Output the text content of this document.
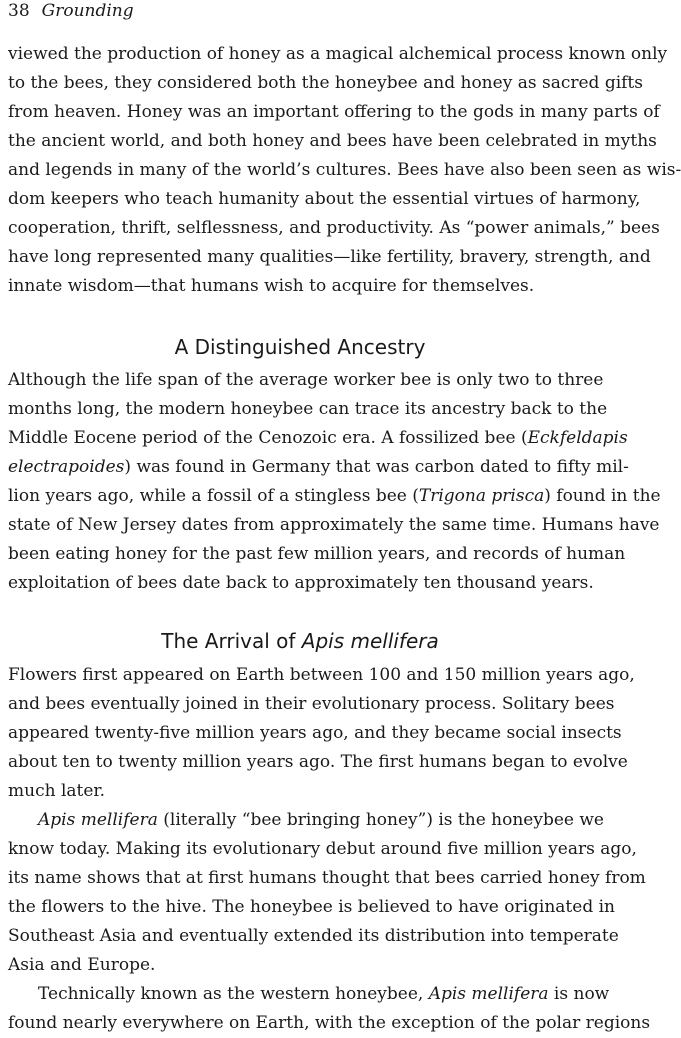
38 Grounding
viewed the production of honey as a magical alchemical process known only
to the bees, they considered both the honeybee and honey as sacred gifts
from heaven. Honey was an important offering to the gods in many parts of
the ancient world, and both honey and bees have been celebrated in myths
and legends in many of the world’s cultures. Bees have also been seen as wis-
dom keepers who teach humanity about the essential virtues of harmony,
cooperation, thrift, selflessness, and productivity. As “power animals,” bees
have long represented many qualities—like fertility, bravery, strength, and
innate wisdom—that humans wish to acquire for themselves.
A Distinguished Ancestry
Although the life span of the average worker bee is only two to three
months long, the modern honeybee can trace its ancestry back to the
Middle Eocene period of the Cenozoic era. A fossilized bee (Eckfeldapis
electrapoides) was found in Germany that was carbon dated to fifty mil-
lion years ago, while a fossil of a stingless bee (Trigona prisca) found in the
state of New Jersey dates from approximately the same time. Humans have
been eating honey for the past few million years, and records of human
exploitation of bees date back to approximately ten thousand years.
The Arrival of Apis mellifera
Flowers first appeared on Earth between 100 and 150 million years ago,
and bees eventually joined in their evolutionary process. Solitary bees
appeared twenty-five million years ago, and they became social insects
about ten to twenty million years ago. The first humans began to evolve
much later.
Apis mellifera (literally “bee bringing honey”) is the honeybee we
know today. Making its evolutionary debut around five million years ago,
its name shows that at first humans thought that bees carried honey from
the flowers to the hive. The honeybee is believed to have originated in
Southeast Asia and eventually extended its distribution into temperate
Asia and Europe.
Technically known as the western honeybee, Apis mellifera is now
found nearly everywhere on Earth, with the exception of the polar regions
